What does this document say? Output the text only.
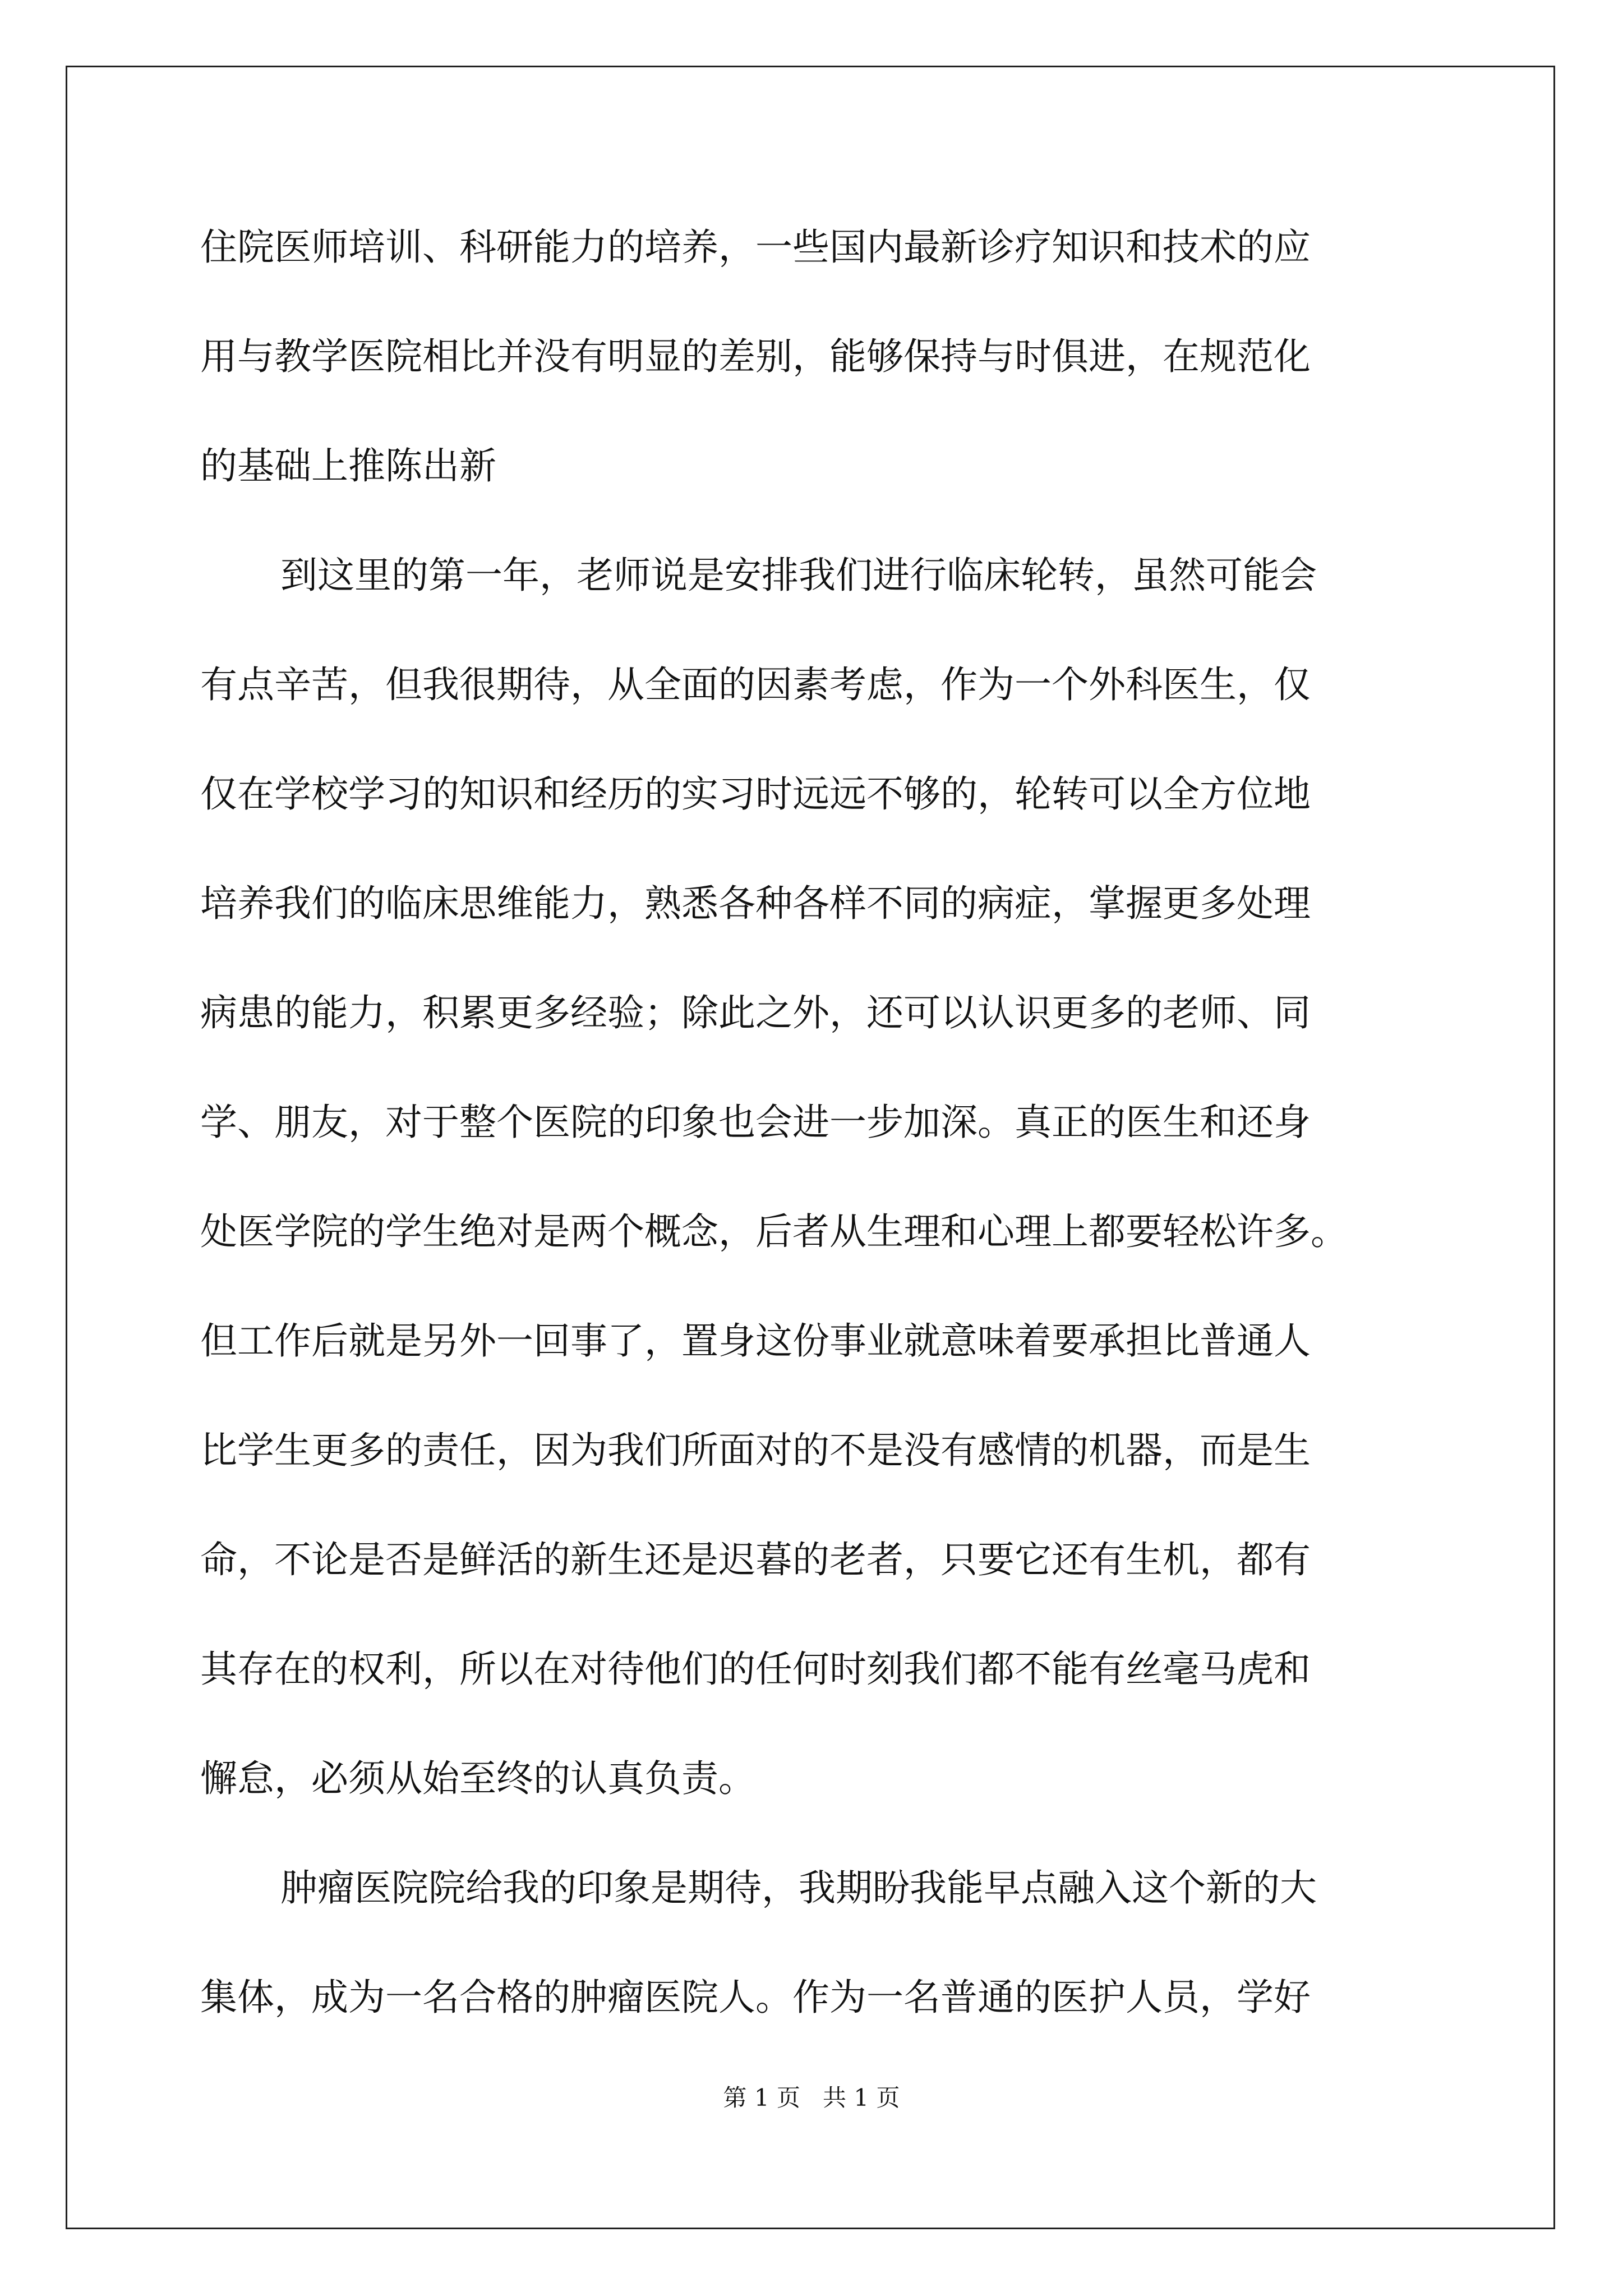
住院医师培训、科研能力的培养，一些国内最新诊疗知识和技术的应
用与教学医院相比并没有明显的差别，能够保持与时俱进，在规范化
的基础上推陈出新
到这里的第一年，老师说是安排我们进行临床轮转，虽然可能会
有点辛苦，但我很期待，从全面的因素考虑，作为一个外科医生，仅
仅在学校学习的知识和经历的实习时远远不够的，轮转可以全方位地
培养我们的临床思维能力，熟悉各种各样不同的病症，掌握更多处理
病患的能力，积累更多经验；除此之外，还可以认识更多的老师、同
学、朋友，对于整个医院的印象也会进一步加深。真正的医生和还身
处医学院的学生绝对是两个概念，后者从生理和心理上都要轻松许多。
但工作后就是另外一回事了，置身这份事业就意味着要承担比普通人
比学生更多的责任，因为我们所面对的不是没有感情的机器，而是生
命，不论是否是鲜活的新生还是迟暮的老者，只要它还有生机，都有
其存在的权利，所以在对待他们的任何时刻我们都不能有丝毫马虎和
懈怠，必须从始至终的认真负责。
肿瘤医院院给我的印象是期待，我期盼我能早点融入这个新的大
集体，成为一名合格的肿瘤医院人。作为一名普通的医护人员，学好
第 1 页   共 1 页
